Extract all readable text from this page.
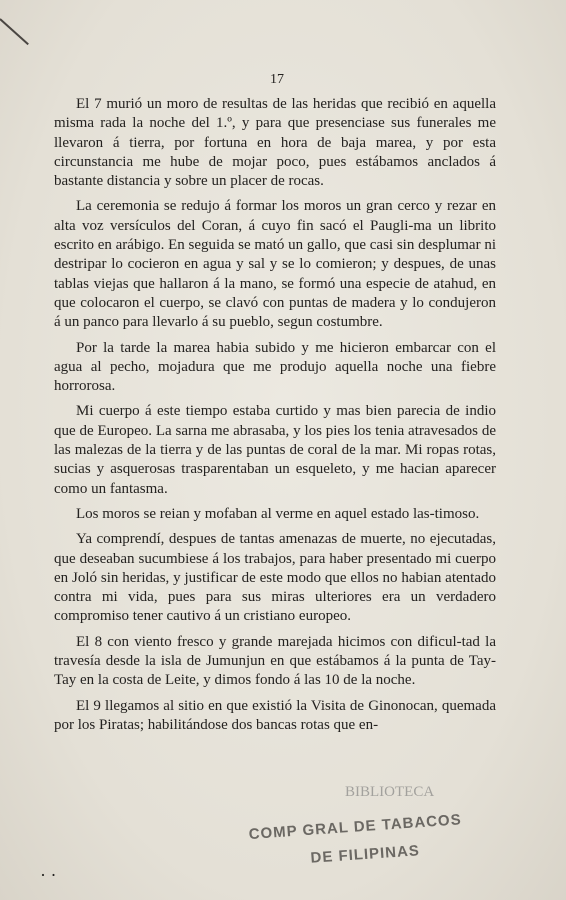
17

El 7 murió un moro de resultas de las heridas que recibió en aquella misma rada la noche del 1.º, y para que presenciase sus funerales me llevaron á tierra, por fortuna en hora de baja marea, y por esta circunstancia me hube de mojar poco, pues estábamos anclados á bastante distancia y sobre un placer de rocas.

La ceremonia se redujo á formar los moros un gran cerco y rezar en alta voz versículos del Coran, á cuyo fin sacó el Paugli-ma un librito escrito en arábigo. En seguida se mató un gallo, que casi sin desplumar ni destripar lo cocieron en agua y sal y se lo comieron; y despues, de unas tablas viejas que hallaron á la mano, se formó una especie de atahud, en que colocaron el cuerpo, se clavó con puntas de madera y lo condujeron á un panco para llevarlo á su pueblo, segun costumbre.

Por la tarde la marea habia subido y me hicieron embarcar con el agua al pecho, mojadura que me produjo aquella noche una fiebre horrorosa.

Mi cuerpo á este tiempo estaba curtido y mas bien parecia de indio que de Europeo. La sarna me abrasaba, y los pies los tenia atravesados de las malezas de la tierra y de las puntas de coral de la mar. Mi ropas rotas, sucias y asquerosas trasparentaban un esqueleto, y me hacian aparecer como un fantasma.

Los moros se reian y mofaban al verme en aquel estado las-timoso.

Ya comprendí, despues de tantas amenazas de muerte, no ejecutadas, que deseaban sucumbiese á los trabajos, para haber presentado mi cuerpo en Joló sin heridas, y justificar de este modo que ellos no habian atentado contra mi vida, pues para sus miras ulteriores era un verdadero compromiso tener cautivo á un cristiano europeo.

El 8 con viento fresco y grande marejada hicimos con dificul-tad la travesía desde la isla de Jumunjun en que estábamos á la punta de Tay-Tay en la costa de Leite, y dimos fondo á las 10 de la noche.

El 9 llegamos al sitio en que existió la Visita de Ginonocan, quemada por los Piratas; habilitándose dos bancas rotas que en-

BIBLIOTECA
COMP GRAL DE TABACOS
DE FILIPINAS
· ·
